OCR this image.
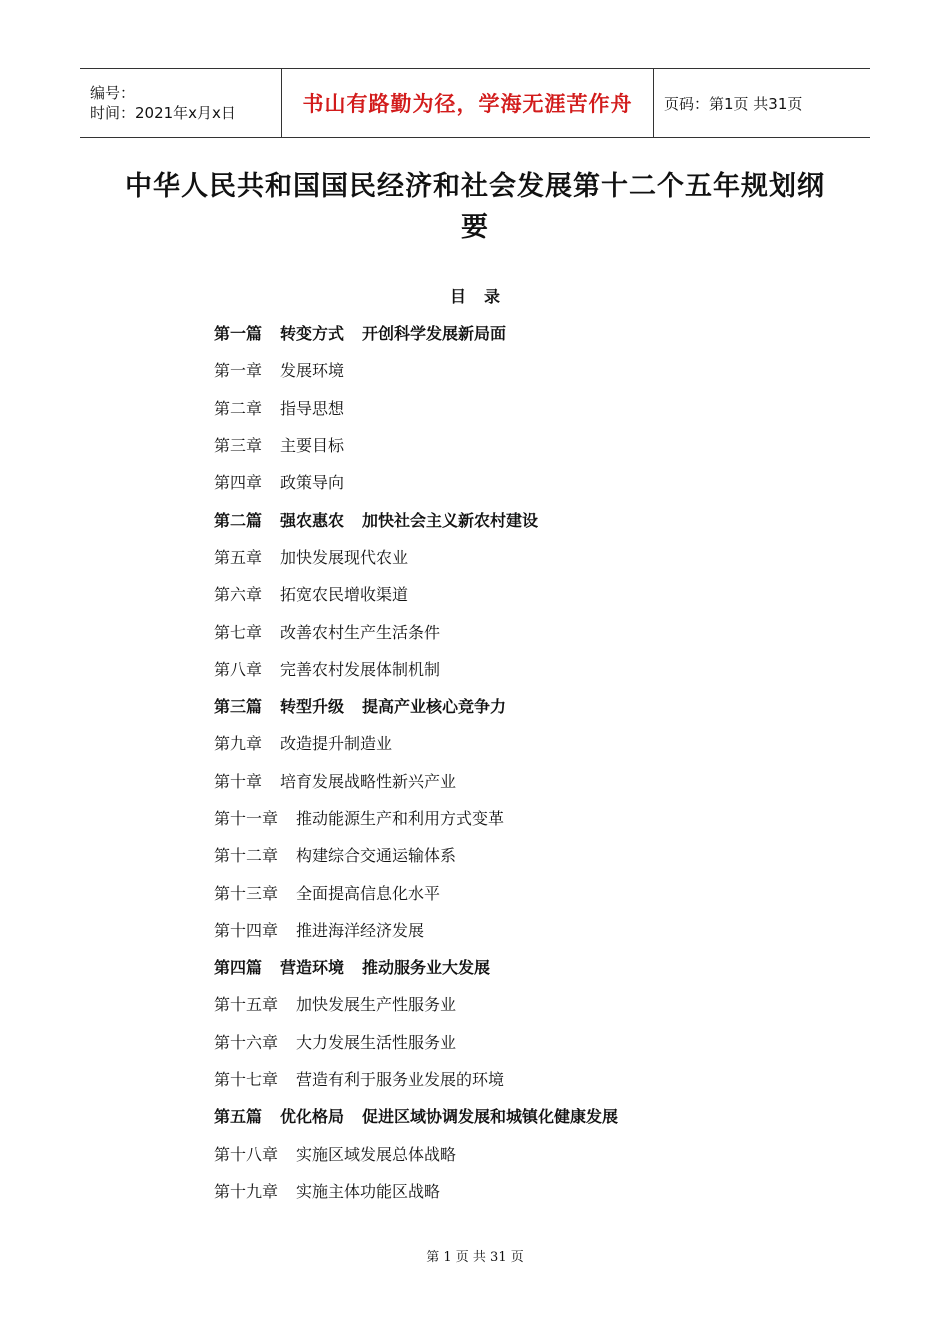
编号：
时间：2021年x月x日	书山有路勤为径，学海无涯苦作舟 页码：第1页 共31页
中华人民共和国国民经济和社会发展第十二个五年规划纲要
目录
第一篇 转变方式 开创科学发展新局面
第一章 发展环境
第二章 指导思想
第三章 主要目标
第四章 政策导向
第二篇 强农惠农 加快社会主义新农村建设
第五章 加快发展现代农业
第六章 拓宽农民增收渠道
第七章 改善农村生产生活条件
第八章 完善农村发展体制机制
第三篇 转型升级 提高产业核心竞争力
第九章 改造提升制造业
第十章 培育发展战略性新兴产业
第十一章 推动能源生产和利用方式变革
第十二章 构建综合交通运输体系
第十三章 全面提高信息化水平
第十四章 推进海洋经济发展
第四篇 营造环境 推动服务业大发展
第十五章 加快发展生产性服务业
第十六章 大力发展生活性服务业
第十七章 营造有利于服务业发展的环境
第五篇 优化格局 促进区域协调发展和城镇化健康发展
第十八章 实施区域发展总体战略
第十九章 实施主体功能区战略
第 1 页 共 31 页
